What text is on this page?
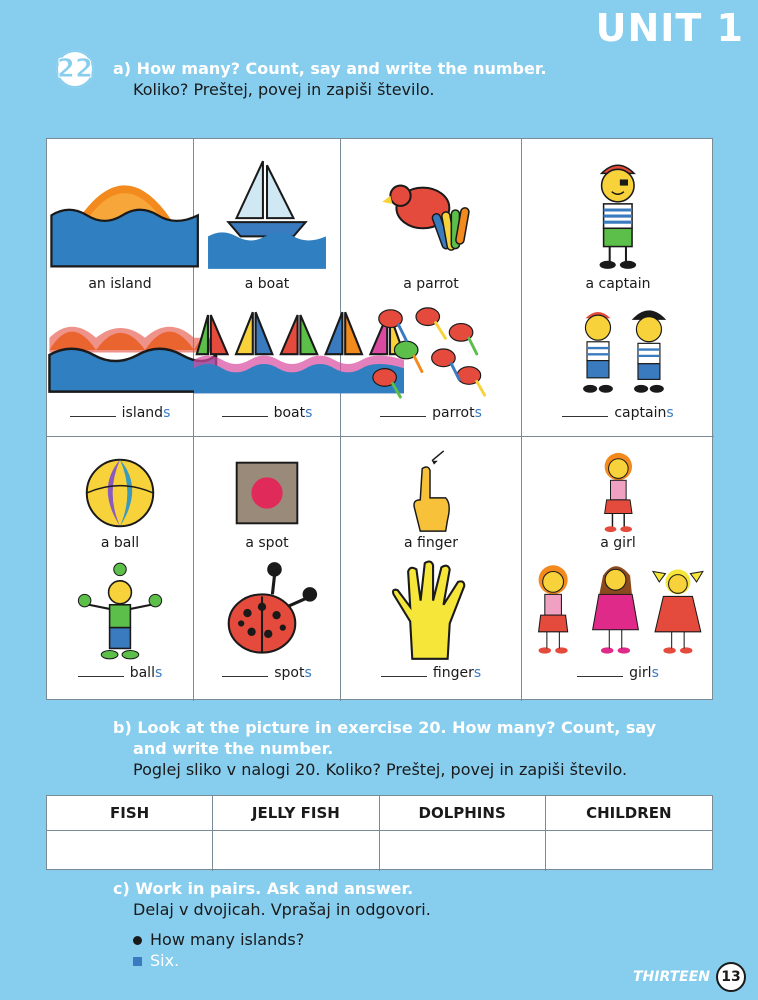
UNIT 1
22 a) How many? Count, say and write the number.
Koliko? Preštej, povej in zapiši število.
an island
islands
a boat
boats
a parrot
parrots
a captain
captains
a ball
balls
a spot
spots
a finger
fingers
a girl
girls
b) Look at the picture in exercise 20. How many? Count, say
and write the number.
Poglej sliko v nalogi 20. Koliko? Preštej, povej in zapiši število.
FISH	JELLY FISH	DOLPHINS	CHILDREN
c) Work in pairs. Ask and answer.
Delaj v dvojicah. Vprašaj in odgovori.
How many islands?
Six.
THIRTEEN 13
